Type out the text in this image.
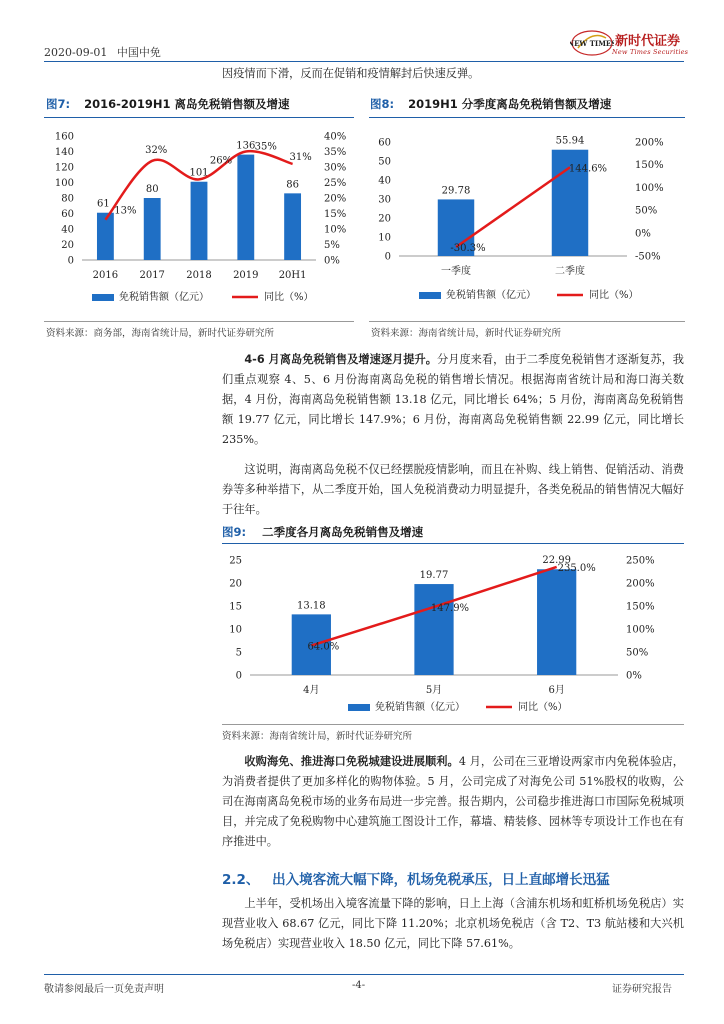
2020-09-01 中国中免
NEW TIMES
新时代证券
New Times Securities
因疫情而下滑，反而在促销和疫情解封后快速反弹。
图7: 2016-2019H1 离岛免税销售额及增速
0
20
40
60
80
100
120
140
160
0%
5%
10%
15%
20%
25%
30%
35%
40%
2016 2017 2018 2019 20H1
61
80
101
136
86
13%
32%
26%
35%
31%
免税销售额（亿元）	同比（%）
资料来源：商务部，海南省统计局，新时代证券研究所
图8: 2019H1 分季度离岛免税销售额及增速
0
10
20
30
40
50
60
-50%
0%
50%
100%
150%
200%
一季度	二季度
29.78
55.94
-30.3%
144.6%
免税销售额（亿元）	同比（%）
资料来源：海南省统计局，新时代证券研究所
4-6 月离岛免税销售及增速逐月提升。分月度来看，由于二季度免税销售才逐渐复苏，我们重点观察 4、5、6 月份海南离岛免税的销售增长情况。根据海南省统计局和海口海关数据，4 月份，海南离岛免税销售额 13.18 亿元，同比增长 64%；5 月份，海南离岛免税销售额 19.77 亿元，同比增长 147.9%；6 月份，海南离岛免税销售额 22.99 亿元，同比增长 235%。
这说明，海南离岛免税不仅已经摆脱疫情影响，而且在补购、线上销售、促销活动、消费券等多种举措下，从二季度开始，国人免税消费动力明显提升，各类免税品的销售情况大幅好于往年。
图9: 二季度各月离岛免税销售及增速
0
5
10
15
20
25
0%
50%
100%
150%
200%
250%
4月	5月	6月
13.18
19.77
22.99
64.0%
147.9%
235.0%
免税销售额（亿元）	同比（%）
资料来源：海南省统计局，新时代证券研究所
收购海免、推进海口免税城建设进展顺利。4 月，公司在三亚增设两家市内免税体验店，为消费者提供了更加多样化的购物体验。5 月，公司完成了对海免公司 51%股权的收购，公司在海南离岛免税市场的业务布局进一步完善。报告期内，公司稳步推进海口市国际免税城项目，并完成了免税购物中心建筑施工图设计工作，幕墙、精装修、园林等专项设计工作也在有序推进中。
2.2、 出入境客流大幅下降，机场免税承压，日上直邮增长迅猛
上半年，受机场出入境客流量下降的影响，日上上海（含浦东机场和虹桥机场免税店）实现营业收入 68.67 亿元，同比下降 11.20%；北京机场免税店（含 T2、T3 航站楼和大兴机场免税店）实现营业收入 18.50 亿元，同比下降 57.61%。
敬请参阅最后一页免责声明	-4-	证券研究报告
